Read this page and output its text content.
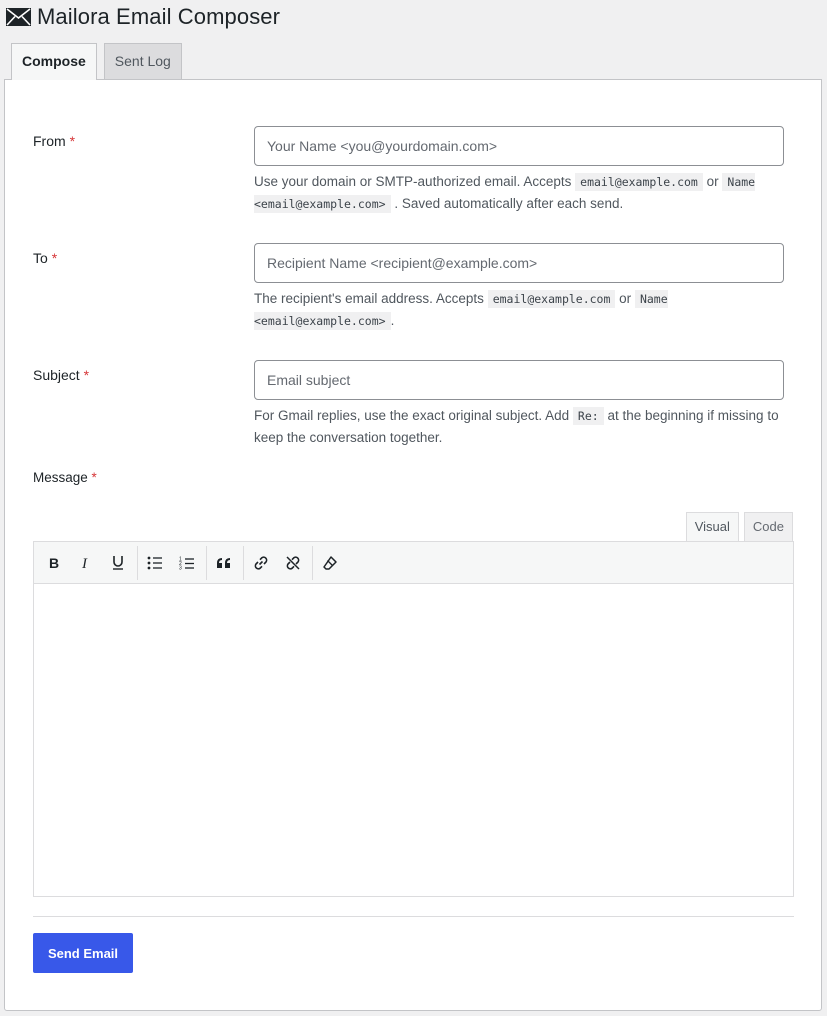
Mailora Email Composer
Compose	Sent Log
From *
Your Name <you@yourdomain.com>
Use your domain or SMTP-authorized email. Accepts email@example.com or Name <email@example.com> . Saved automatically after each send.
To *
Recipient Name <recipient@example.com>
The recipient's email address. Accepts email@example.com or Name <email@example.com> .
Subject *
Email subject
For Gmail replies, use the exact original subject. Add Re: at the beginning if missing to keep the conversation together.
Message *
Visual	Code
B I	1
2
3
Send Email
